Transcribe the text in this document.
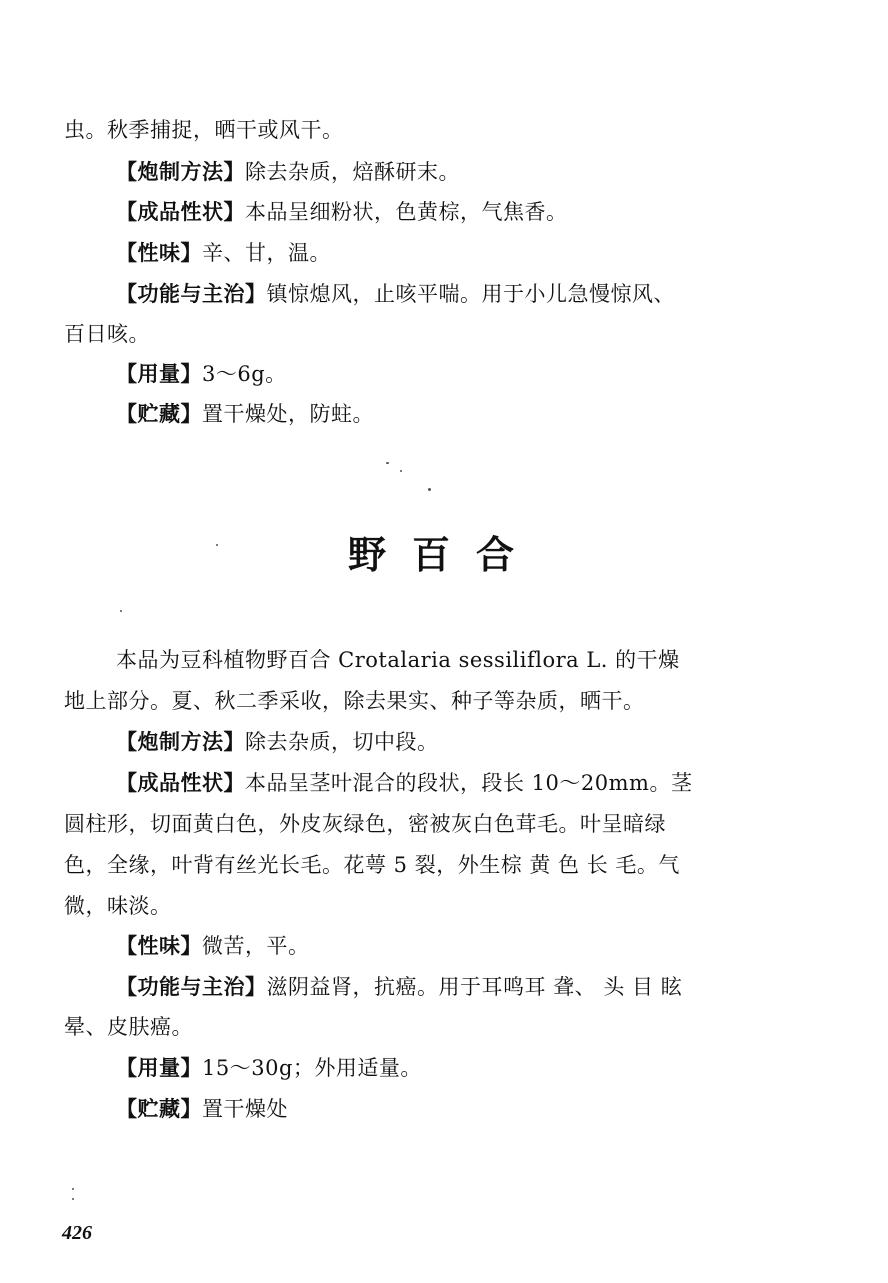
虫。秋季捕捉，晒干或风干。
【炮制方法】除去杂质，焙酥研末。
【成品性状】本品呈细粉状，色黄棕，气焦香。
【性味】辛、甘，温。
【功能与主治】镇惊熄风，止咳平喘。用于小儿急慢惊风、
百日咳。
【用量】3～6g。
【贮藏】置干燥处，防蛀。
野百合
本品为豆科植物野百合 Crotalaria sessiliflora L. 的干燥
地上部分。夏、秋二季采收，除去果实、种子等杂质，晒干。
【炮制方法】除去杂质，切中段。
【成品性状】本品呈茎叶混合的段状，段长 10～20mm。茎
圆柱形，切面黄白色，外皮灰绿色，密被灰白色茸毛。叶呈暗绿
色，全缘，叶背有丝光长毛。花萼 5 裂，外生棕 黄 色 长 毛。气
微，味淡。
【性味】微苦，平。
【功能与主治】滋阴益肾，抗癌。用于耳鸣耳 聋、 头 目 眩
晕、皮肤癌。
【用量】15～30g；外用适量。
【贮藏】置干燥处
426
